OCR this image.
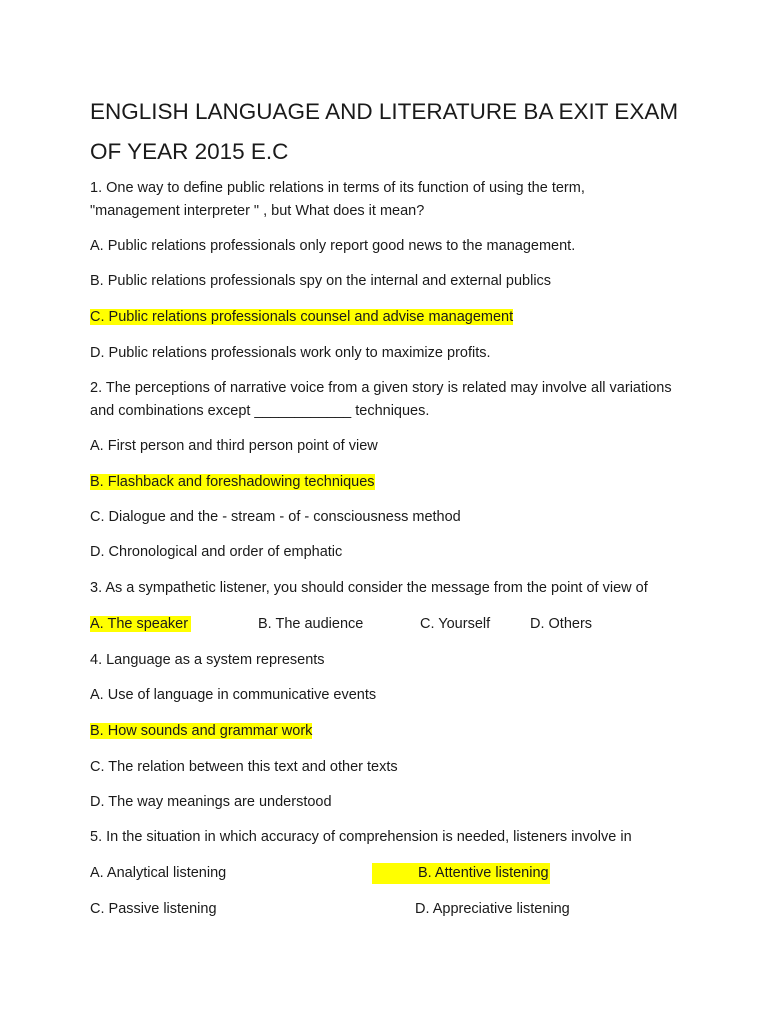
ENGLISH LANGUAGE AND LITERATURE BA EXIT EXAM OF YEAR 2015 E.C
1. One way to define public relations in terms of its function of using the term,
"management interpreter " , but What does it mean?
A. Public relations professionals only report good news to the management.
B. Public relations professionals spy on the internal and external publics
C. Public relations professionals counsel and advise management
D. Public relations professionals work only to maximize profits.
2. The perceptions of narrative voice from a given story is related may involve all variations
and combinations except ____________ techniques.
A. First person and third person point of view
B. Flashback and foreshadowing techniques
C. Dialogue and the - stream - of - consciousness method
D. Chronological and order of emphatic
3. As a sympathetic listener, you should consider the message from the point of view of
A. The speaker	B. The audience	C. Yourself	D. Others
4. Language as a system represents
A. Use of language in communicative events
B. How sounds and grammar work
C. The relation between this text and other texts
D. The way meanings are understood
5. In the situation in which accuracy of comprehension is needed, listeners involve in
A. Analytical listening	B. Attentive listening
C. Passive listening	D. Appreciative listening
